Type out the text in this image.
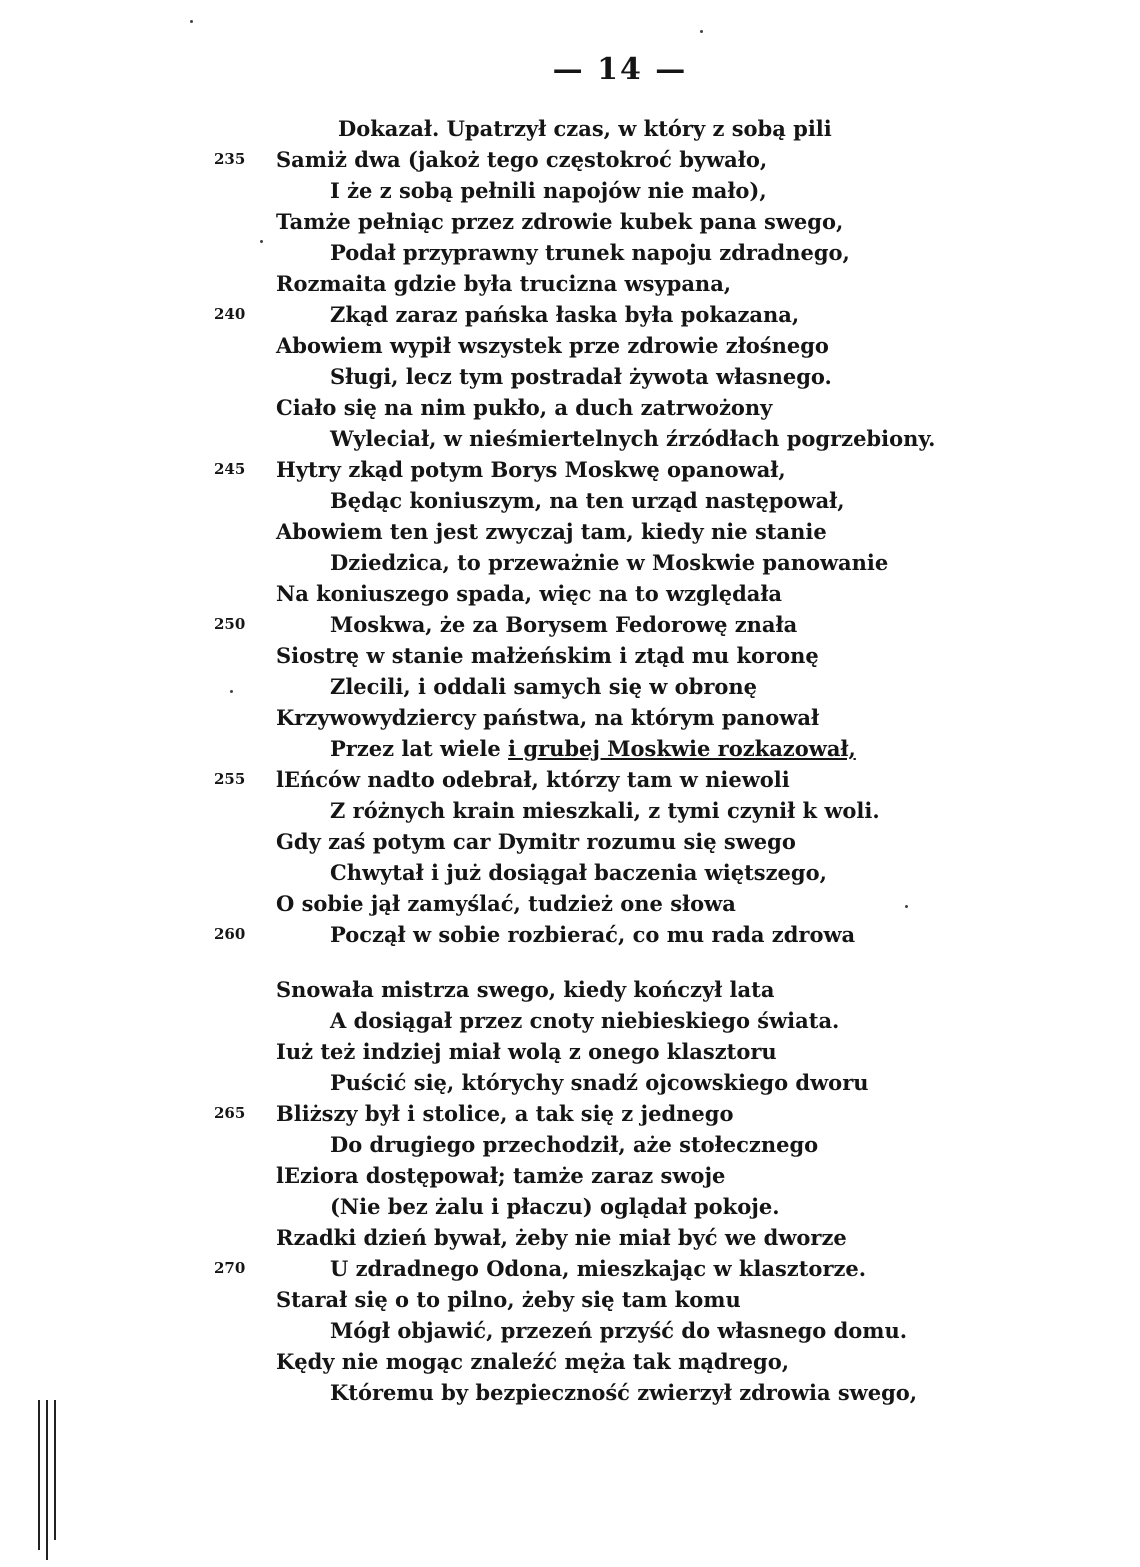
— 14 —
Dokazał. Upatrzył czas, w który z sobą pili
235	Samiż dwa (jakoż tego częstokroć bywało,
I że z sobą pełnili napojów nie mało),
Tamże pełniąc przez zdrowie kubek pana swego,
Podał przyprawny trunek napoju zdradnego,
Rozmaita gdzie była trucizna wsypana,
240	Zkąd zaraz pańska łaska była pokazana,
Abowiem wypił wszystek prze zdrowie złośnego
Sługi, lecz tym postradał żywota własnego.
Ciało się na nim pukło, a duch zatrwożony
Wyleciał, w nieśmiertelnych źrzódłach pogrzebiony.
245	Hytry zkąd potym Borys Moskwę opanował,
Będąc koniuszym, na ten urząd następował,
Abowiem ten jest zwyczaj tam, kiedy nie stanie
Dziedzica, to przeważnie w Moskwie panowanie
Na koniuszego spada, więc na to względała
250	Moskwa, że za Borysem Fedorowę znała
Siostrę w stanie małżeńskim i ztąd mu koronę
Zlecili, i oddali samych się w obronę
Krzywowydziercy państwa, na którym panował
Przez lat wiele i grubej Moskwie rozkazował,
255	lEńców nadto odebrał, którzy tam w niewoli
Z różnych krain mieszkali, z tymi czynił k woli.
Gdy zaś potym car Dymitr rozumu się swego
Chwytał i już dosiągał baczenia więtszego,
O sobie jął zamyślać, tudzież one słowa
260	Począł w sobie rozbierać, co mu rada zdrowa
Snowała mistrza swego, kiedy kończył lata
A dosiągał przez cnoty niebieskiego świata.
Iuż też indziej miał wolą z onego klasztoru
Puścić się, którychy snadź ojcowskiego dworu
265	Bliższy był i stolice, a tak się z jednego
Do drugiego przechodził, aże stołecznego
lEziora dostępował; tamże zaraz swoje
(Nie bez żalu i płaczu) oglądał pokoje.
Rzadki dzień bywał, żeby nie miał być we dworze
270	U zdradnego Odona, mieszkając w klasztorze.
Starał się o to pilno, żeby się tam komu
Mógł objawić, przezeń przyść do własnego domu.
Kędy nie mogąc znaleźć męża tak mądrego,
Któremu by bezpieczność zwierzył zdrowia swego,
